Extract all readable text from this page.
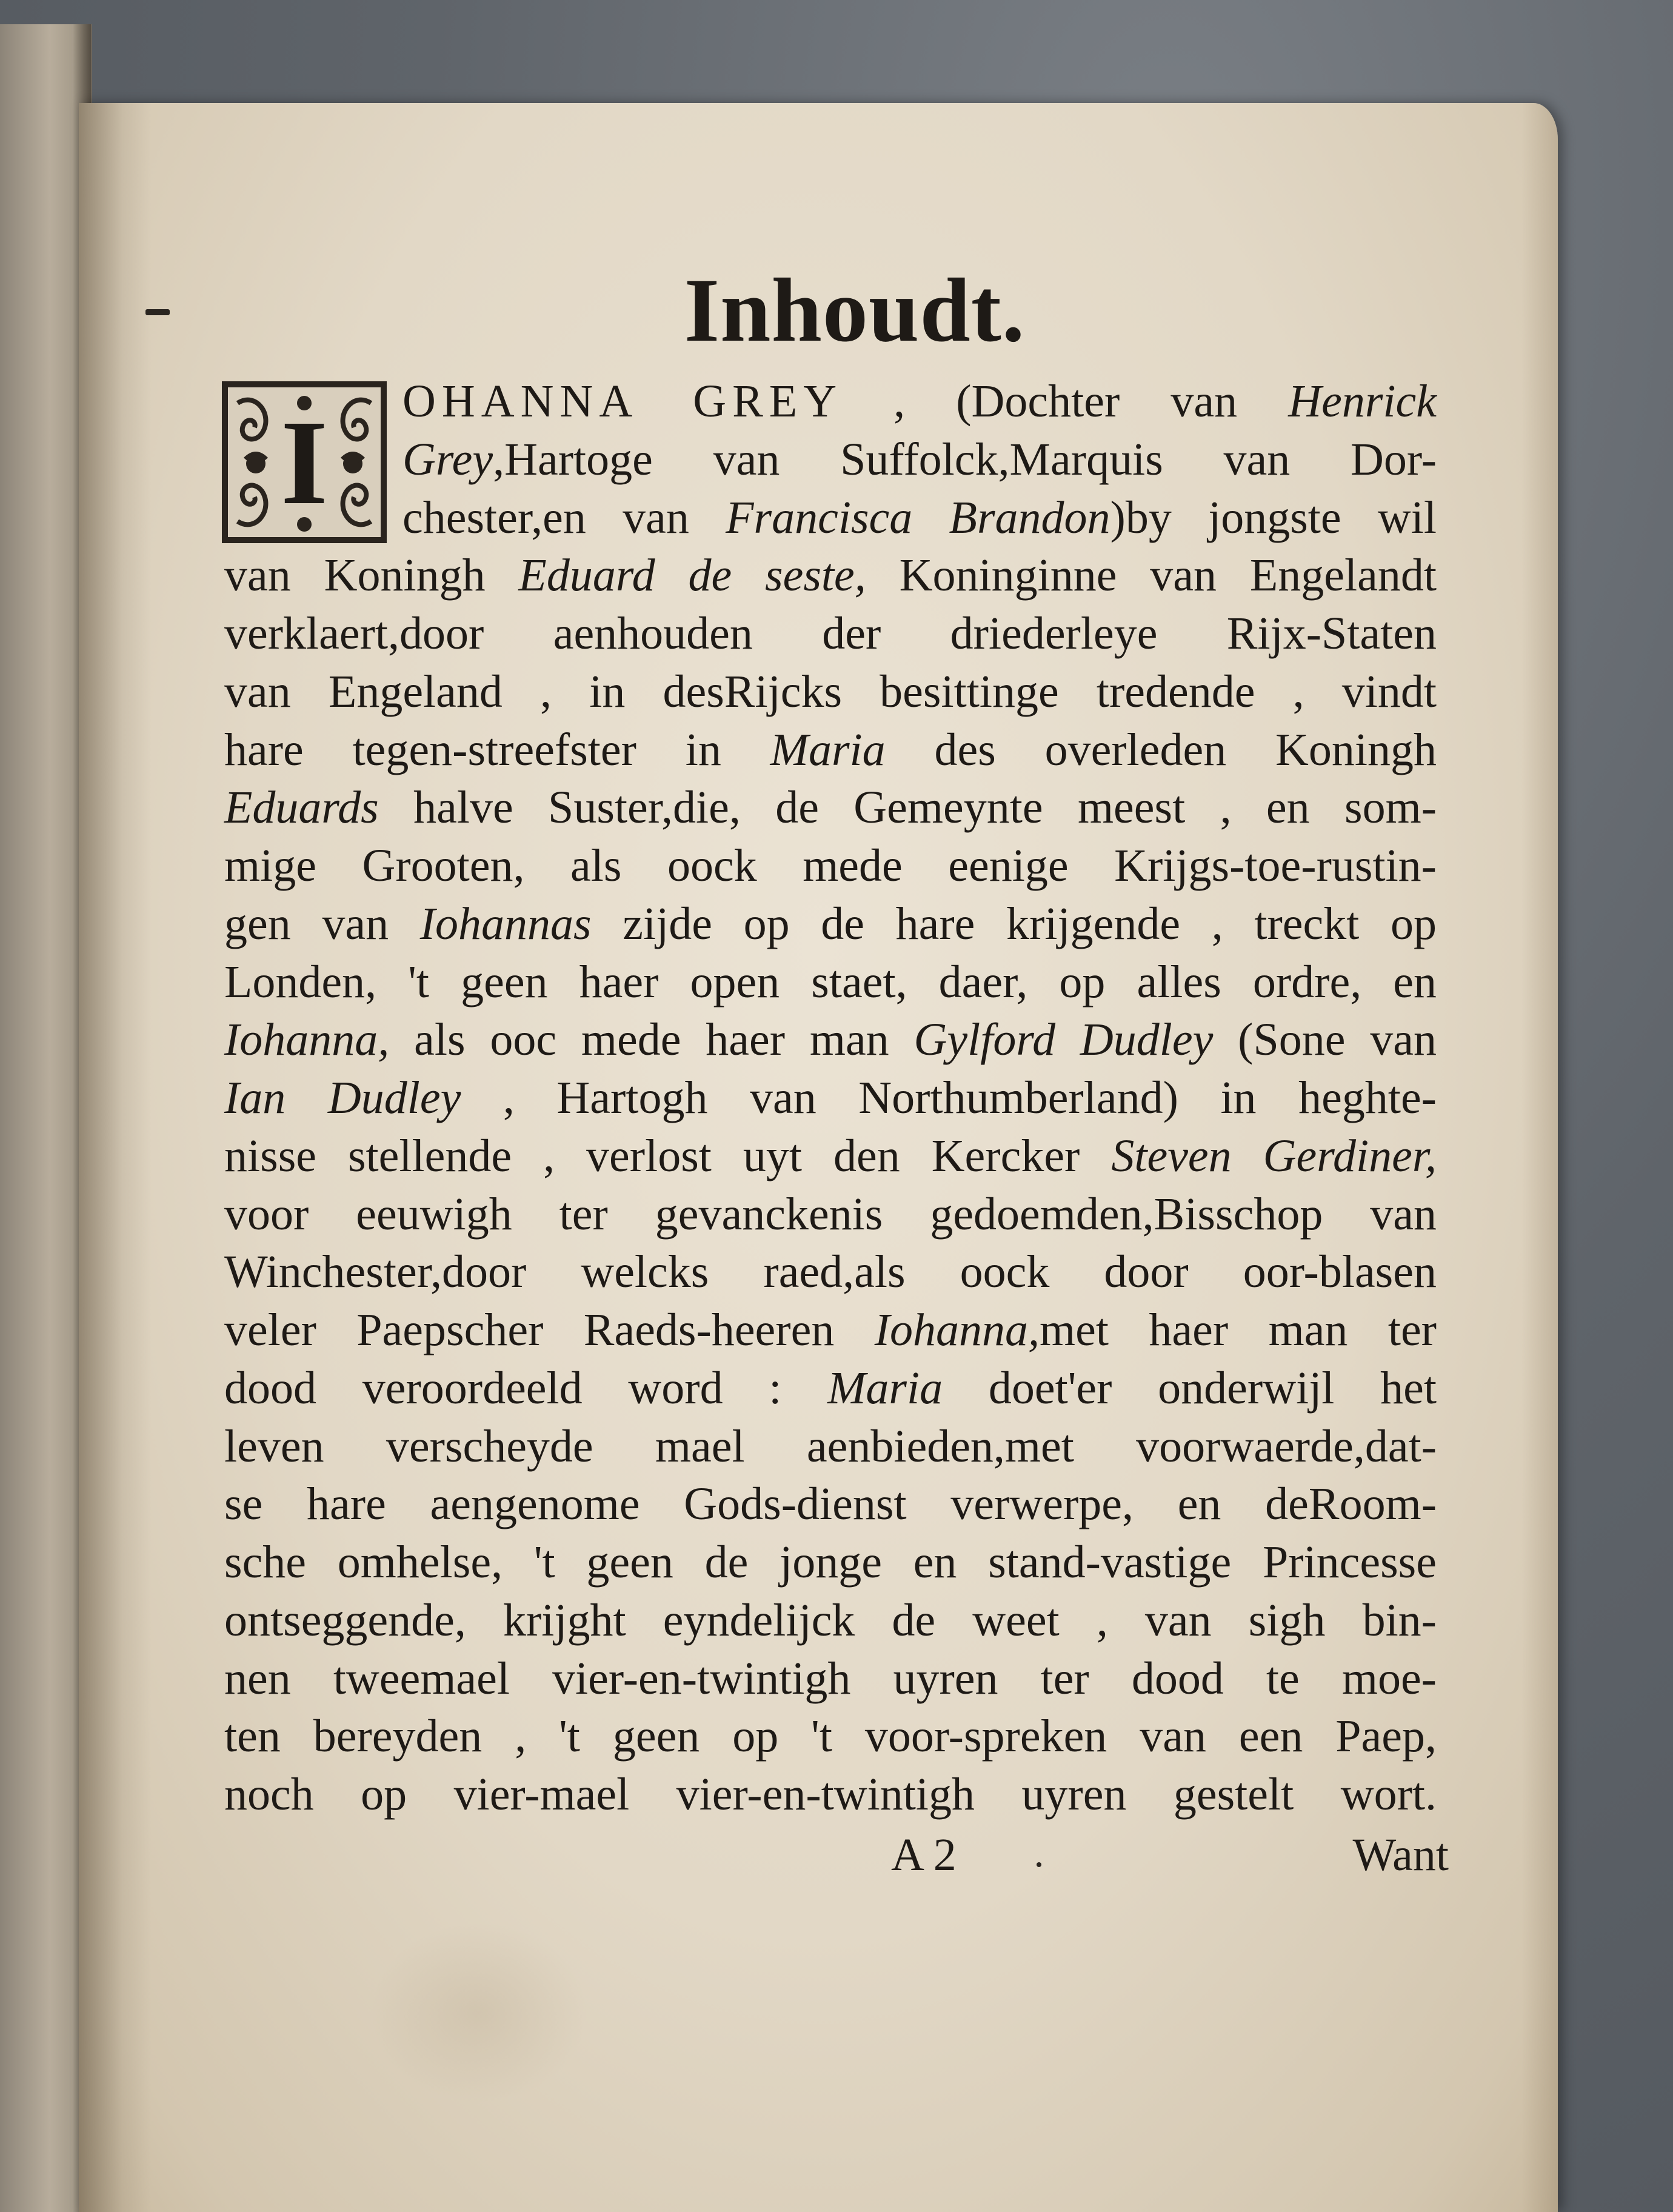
Inhoudt.
I	OHANNA GREY , (Dochter van Henrick
Grey,Hartoge van Suffolck,Marquis van Dor-
chester,en van Francisca Brandon)by jongste wil
van Koningh Eduard de seste, Koninginne van Engelandt
verklaert,door aenhouden der driederleye Rijx-Staten
van Engeland , in desRijcks besittinge tredende , vindt
hare tegen-streefster in Maria des overleden Koningh
Eduards halve Suster,die, de Gemeynte meest , en som-
mige Grooten, als oock mede eenige Krijgs-toe-rustin-
gen van Iohannas zijde op de hare krijgende , treckt op
Londen, 't geen haer open staet, daer, op alles ordre, en
Iohanna, als ooc mede haer man Gylford Dudley (Sone van
Ian Dudley , Hartogh van Northumberland) in heghte-
nisse stellende , verlost uyt den Kercker Steven Gerdiner,
voor eeuwigh ter gevanckenis gedoemden,Bisschop van
Winchester,door welcks raed,als oock door oor-blasen
veler Paepscher Raeds-heeren Iohanna,met haer man ter
dood veroordeeld word : Maria doet'er onderwijl het
leven verscheyde mael aenbieden,met voorwaerde,dat-
se hare aengenome Gods-dienst verwerpe, en deRoom-
sche omhelse, 't geen de jonge en stand-vastige Princesse
ontseggende, krijght eyndelijck de weet , van sigh bin-
nen tweemael vier-en-twintigh uyren ter dood te moe-
ten bereyden , 't geen op 't voor-spreken van een Paep,
noch op vier-mael vier-en-twintigh uyren gestelt wort.
A 2	Want
